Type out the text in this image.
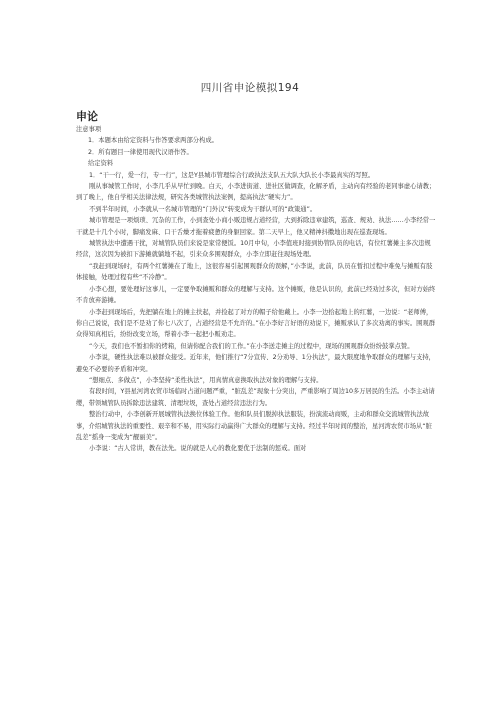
四川省申论模拟194
申论

注意事项

1．本题本由给定资料与作答要求两部分构成。

2．所有题目一律使用现代汉语作答。

给定资料

1．“干一行，爱一行，专一行”，这是Y县城市管理综合行政执法支队五大队大队长小李最真实的写照。

刚从事城管工作时，小李几乎从早忙到晚。白天，小李进街道、进社区做调查，化解矛盾，主动向有经验的老同事虚心请教；到了晚上，他自学相关法律法规，研究各类城管执法案例，提高执法“硬实力”。

不到半年时间，小李就从一名城市管理的“门外汉”转变成为干群认可的“政策通”。

城市管理是一项烦琐、冗杂的工作，小到查处小商小贩违规占道经营，大到拆除违章建筑，巡查、规劝、执法……小李经常一干就是十几个小时，脚痛发麻、口干舌燥才拖着疲惫的身躯回家。第二天早上，他又精神抖擞地出现在巡查现场。

城管执法中遭遇干扰，对城管队员们来说是家常便饭。10月中旬，小李值班时接到协管队员的电话，有位红薯摊主多次违规经营，这次因为被扣下游摊就躺地不起，引来众多围观群众，小李立即赶往现场处理。

“我赶到现场时，有两个红薯摊在了地上，这很容易引起围观群众的误解，”小李说，此前，队员在暂扣过程中难免与摊贩有肢体接触，处理过程有些“不冷静”。

小李心想，要处理好这事儿，一定要争取摊贩和群众的理解与支持。这个摊贩，他是认识的，此前已经劝过多次，但对方始终不肯放弃游摊。

小李赶到现场后，先把躺在地上的摊主扶起，并捡起了对方的帽子给他戴上。小李一边拾起地上的红薯，一边说：“老师傅，你自己说说，我们是不是劝了你七八次了，占道经营是不允许的。”在小李好言好语的劝说下，摊贩承认了多次劝离的事实。围观群众得知真相后，纷纷改变立场，帮着小李一起把小贩劝走。

“今天，我们也不暂扣你的烤箱，但请你配合我们的工作。”在小李送走摊主的过程中，现场的围观群众纷纷鼓掌点赞。

小李说，硬性执法难以被群众接受。近年来，他们推行“7分宣传、2分劝导、1分执法”，最大限度地争取群众的理解与支持，避免不必要的矛盾和冲突。

“想细点、多做点”，小李坚持“柔性执法”，用真情真意换取执法对象的理解与支持。

有段时间，Y县星河湾农贸市场临时占道问题严重，“脏乱差”现象十分突出，严重影响了周边10多万居民的生活。小李主动请缨，带领城管队员拆除违法建筑、清理垃圾，查处占道经营违法行为。

整治行动中，小李创新开展城管执法换位体验工作。他和队员们脱掉执法服装，扮演流动商贩，主动和群众交流城管执法故事，介绍城管执法的重要性、艰辛和不易，用实际行动赢得广大群众的理解与支持。经过半年时间的整治，星河湾农贸市场从“脏乱差”摇身一变成为“靓丽美”。

小李说：“古人常讲，教在法先。说的就是人心的教化要优于法制的惩戒。面对
